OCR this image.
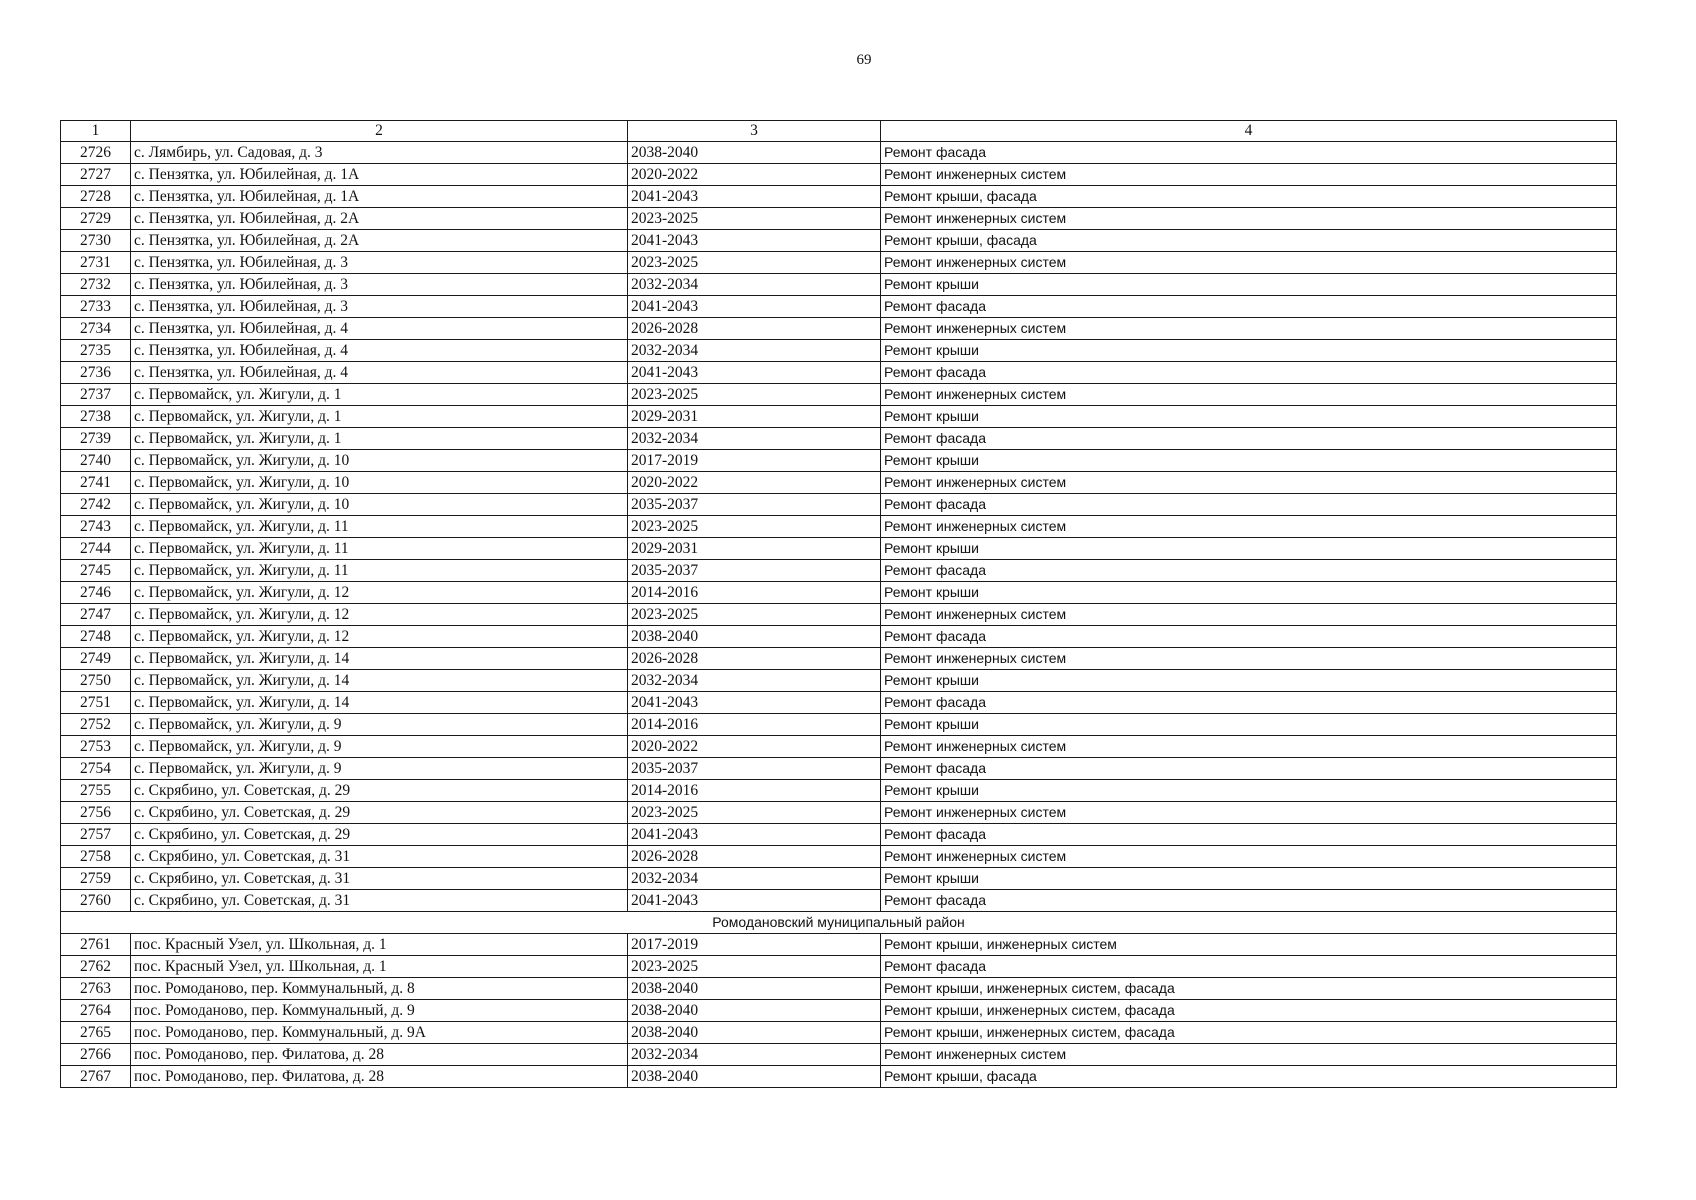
69
1	2	3	4
2726	с. Лямбирь, ул. Садовая, д. 3	2038-2040	Ремонт фасада
2727	с. Пензятка, ул. Юбилейная, д. 1А	2020-2022	Ремонт инженерных систем
2728	с. Пензятка, ул. Юбилейная, д. 1А	2041-2043	Ремонт крыши, фасада
2729	с. Пензятка, ул. Юбилейная, д. 2А	2023-2025	Ремонт инженерных систем
2730	с. Пензятка, ул. Юбилейная, д. 2А	2041-2043	Ремонт крыши, фасада
2731	с. Пензятка, ул. Юбилейная, д. 3	2023-2025	Ремонт инженерных систем
2732	с. Пензятка, ул. Юбилейная, д. 3	2032-2034	Ремонт крыши
2733	с. Пензятка, ул. Юбилейная, д. 3	2041-2043	Ремонт фасада
2734	с. Пензятка, ул. Юбилейная, д. 4	2026-2028	Ремонт инженерных систем
2735	с. Пензятка, ул. Юбилейная, д. 4	2032-2034	Ремонт крыши
2736	с. Пензятка, ул. Юбилейная, д. 4	2041-2043	Ремонт фасада
2737	с. Первомайск, ул. Жигули, д. 1	2023-2025	Ремонт инженерных систем
2738	с. Первомайск, ул. Жигули, д. 1	2029-2031	Ремонт крыши
2739	с. Первомайск, ул. Жигули, д. 1	2032-2034	Ремонт фасада
2740	с. Первомайск, ул. Жигули, д. 10	2017-2019	Ремонт крыши
2741	с. Первомайск, ул. Жигули, д. 10	2020-2022	Ремонт инженерных систем
2742	с. Первомайск, ул. Жигули, д. 10	2035-2037	Ремонт фасада
2743	с. Первомайск, ул. Жигули, д. 11	2023-2025	Ремонт инженерных систем
2744	с. Первомайск, ул. Жигули, д. 11	2029-2031	Ремонт крыши
2745	с. Первомайск, ул. Жигули, д. 11	2035-2037	Ремонт фасада
2746	с. Первомайск, ул. Жигули, д. 12	2014-2016	Ремонт крыши
2747	с. Первомайск, ул. Жигули, д. 12	2023-2025	Ремонт инженерных систем
2748	с. Первомайск, ул. Жигули, д. 12	2038-2040	Ремонт фасада
2749	с. Первомайск, ул. Жигули, д. 14	2026-2028	Ремонт инженерных систем
2750	с. Первомайск, ул. Жигули, д. 14	2032-2034	Ремонт крыши
2751	с. Первомайск, ул. Жигули, д. 14	2041-2043	Ремонт фасада
2752	с. Первомайск, ул. Жигули, д. 9	2014-2016	Ремонт крыши
2753	с. Первомайск, ул. Жигули, д. 9	2020-2022	Ремонт инженерных систем
2754	с. Первомайск, ул. Жигули, д. 9	2035-2037	Ремонт фасада
2755	с. Скрябино, ул. Советская, д. 29	2014-2016	Ремонт крыши
2756	с. Скрябино, ул. Советская, д. 29	2023-2025	Ремонт инженерных систем
2757	с. Скрябино, ул. Советская, д. 29	2041-2043	Ремонт фасада
2758	с. Скрябино, ул. Советская, д. 31	2026-2028	Ремонт инженерных систем
2759	с. Скрябино, ул. Советская, д. 31	2032-2034	Ремонт крыши
2760	с. Скрябино, ул. Советская, д. 31	2041-2043	Ремонт фасада
Ромодановский муниципальный район			
2761	пос. Красный Узел, ул. Школьная, д. 1	2017-2019	Ремонт крыши, инженерных систем
2762	пос. Красный Узел, ул. Школьная, д. 1	2023-2025	Ремонт фасада
2763	пос. Ромоданово, пер. Коммунальный, д. 8	2038-2040	Ремонт крыши, инженерных систем, фасада
2764	пос. Ромоданово, пер. Коммунальный, д. 9	2038-2040	Ремонт крыши, инженерных систем, фасада
2765	пос. Ромоданово, пер. Коммунальный, д. 9А	2038-2040	Ремонт крыши, инженерных систем, фасада
2766	пос. Ромоданово, пер. Филатова, д. 28	2032-2034	Ремонт инженерных систем
2767	пос. Ромоданово, пер. Филатова, д. 28	2038-2040	Ремонт крыши, фасада
